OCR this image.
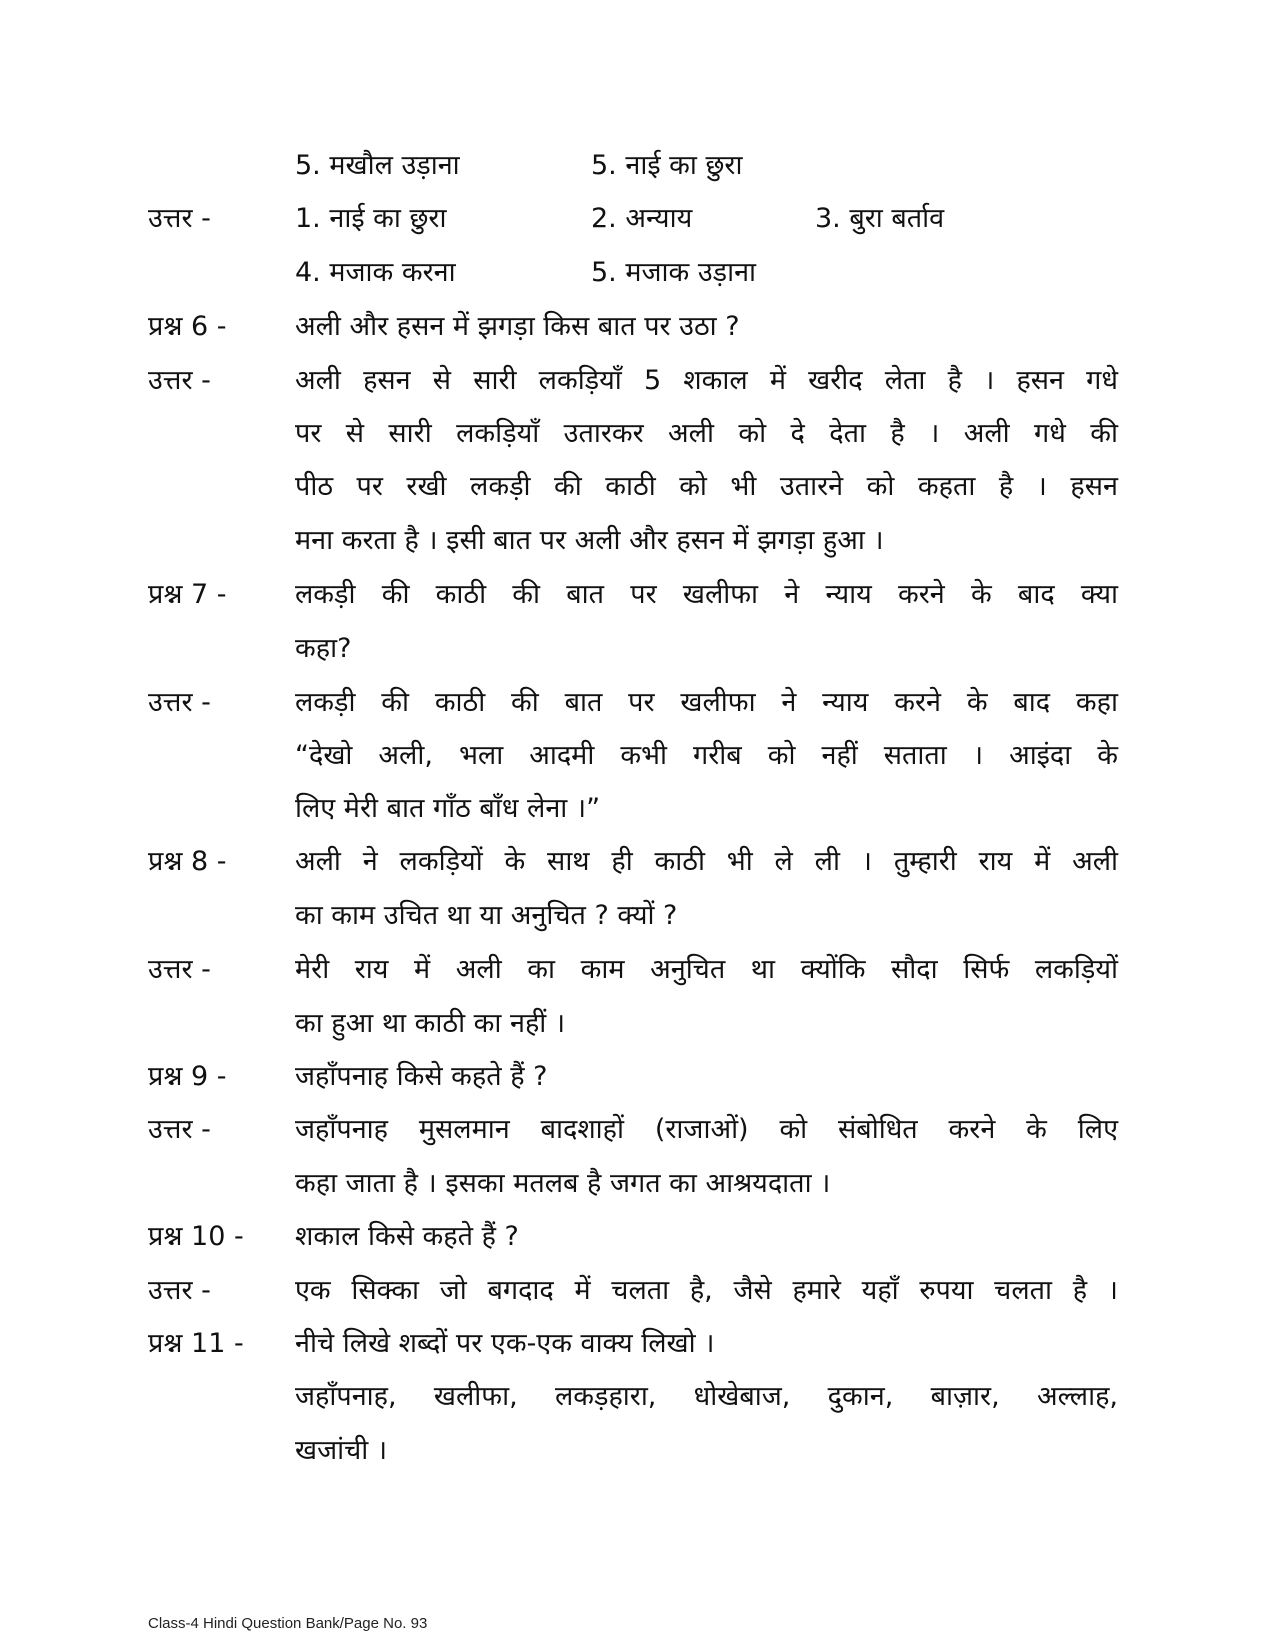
5. मखौल उड़ाना	5. नाई का छुरा
उत्तर -	1. नाई का छुरा	2. अन्याय	3. बुरा बर्ताव
4. मजाक करना	5. मजाक उड़ाना
प्रश्न 6 -	अली और हसन में झगड़ा किस बात पर उठा ?
उत्तर -	अली हसन से सारी लकड़ियाँ 5 शकाल में खरीद लेता है । हसन गधे
पर से सारी लकड़ियाँ उतारकर अली को दे देता है । अली गधे की
पीठ पर रखी लकड़ी की काठी को भी उतारने को कहता है । हसन
मना करता है । इसी बात पर अली और हसन में झगड़ा हुआ ।
प्रश्न 7 -	लकड़ी की काठी की बात पर खलीफा ने न्याय करने के बाद क्या
कहा?
उत्तर -	लकड़ी की काठी की बात पर खलीफा ने न्याय करने के बाद कहा
“देखो अली, भला आदमी कभी गरीब को नहीं सताता । आइंदा के
लिए मेरी बात गाँठ बाँध लेना ।”
प्रश्न 8 -	अली ने लकड़ियों के साथ ही काठी भी ले ली । तुम्हारी राय में अली
का काम उचित था या अनुचित ? क्यों ?
उत्तर -	मेरी राय में अली का काम अनुचित था क्योंकि सौदा सिर्फ लकड़ियों
का हुआ था काठी का नहीं ।
प्रश्न 9 -	जहाँपनाह किसे कहते हैं ?
उत्तर -	जहाँपनाह मुसलमान बादशाहों (राजाओं) को संबोधित करने के लिए
कहा जाता है । इसका मतलब है जगत का आश्रयदाता ।
प्रश्न 10 - शकाल किसे कहते हैं ?
उत्तर -	एक सिक्का जो बगदाद में चलता है, जैसे हमारे यहाँ रुपया चलता है ।
प्रश्न 11 - नीचे लिखे शब्दों पर एक-एक वाक्य लिखो ।
जहाँपनाह, खलीफा, लकड़हारा, धोखेबाज, दुकान, बाज़ार, अल्लाह,
खजांची ।
Class-4 Hindi Question Bank/Page No. 93
